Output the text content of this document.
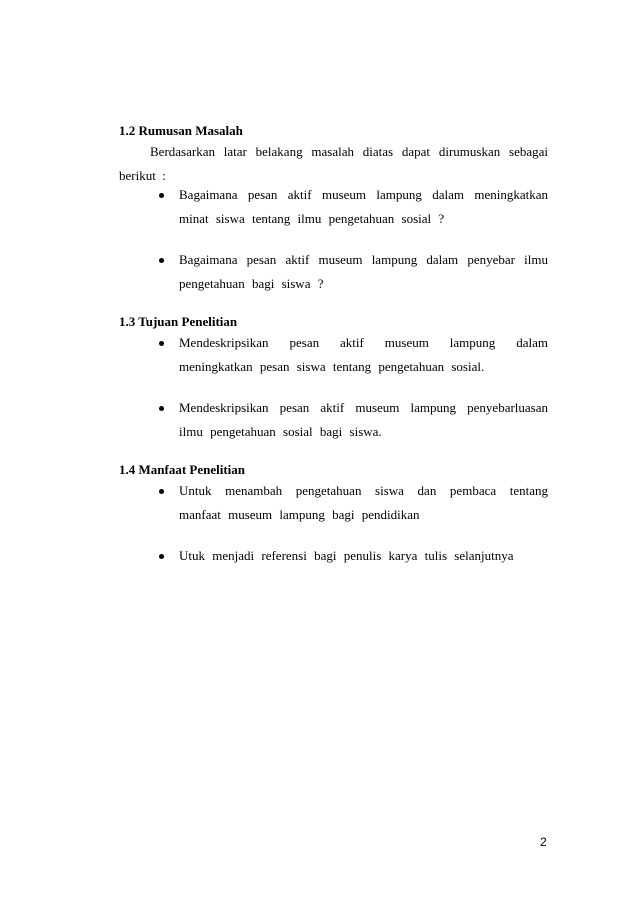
1.2 Rumusan Masalah
Berdasarkan latar belakang masalah diatas dapat dirumuskan sebagai berikut :
Bagaimana pesan aktif museum lampung dalam meningkatkan minat siswa tentang ilmu pengetahuan sosial ?
Bagaimana pesan aktif museum lampung dalam penyebar ilmu pengetahuan bagi siswa ?
1.3 Tujuan Penelitian
Mendeskripsikan pesan aktif museum lampung dalam meningkatkan pesan siswa tentang pengetahuan sosial.
Mendeskripsikan pesan aktif museum lampung penyebarluasan ilmu pengetahuan sosial bagi siswa.
1.4 Manfaat Penelitian
Untuk menambah pengetahuan siswa dan pembaca tentang manfaat museum lampung bagi pendidikan
Utuk menjadi referensi bagi penulis karya tulis selanjutnya
2
